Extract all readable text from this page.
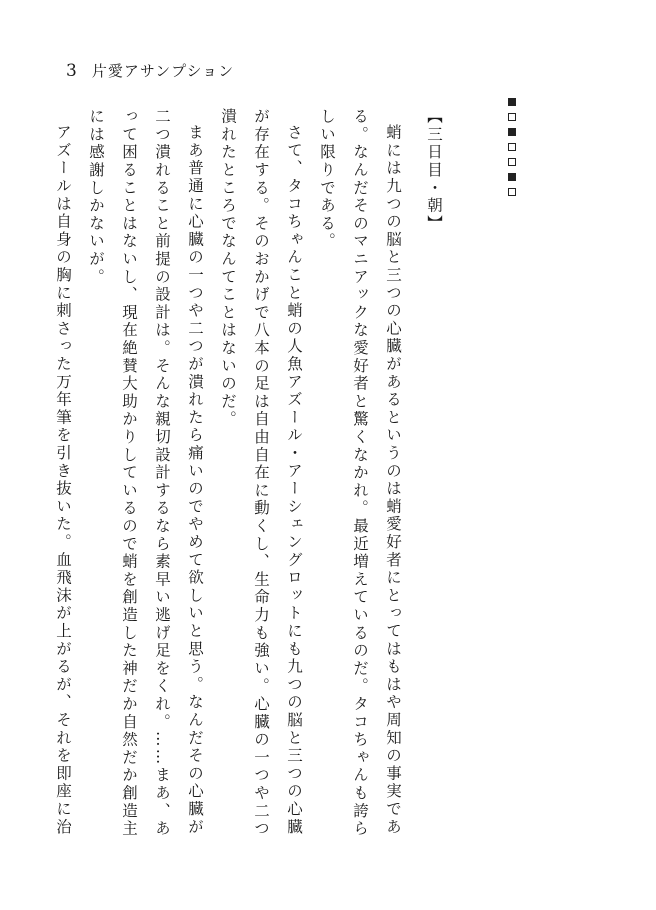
3 片愛アサンプション

【三日目・朝】

蛸には九つの脳と三つの心臓があるというのは蛸愛好者にとってはもはや周知の事実である。なんだそのマニアックな愛好者と驚くなかれ。最近増えているのだ。タコちゃんも誇らしい限りである。

さて、タコちゃんこと蛸の人魚アズール・アーシェングロットにも九つの脳と三つの心臓が存在する。そのおかげで八本の足は自由自在に動くし、生命力も強い。心臓の一つや二つ潰れたところでなんてことはないのだ。

まあ普通に心臓の一つや二つが潰れたら痛いのでやめて欲しいと思う。なんだその心臓が二つ潰れること前提の設計は。そんな親切設計するなら素早い逃げ足をくれ。……まあ、あって困ることはないし、現在絶賛大助かりしているので蛸を創造した神だか自然だか創造主には感謝しかないが。

アズールは自身の胸に刺さった万年筆を引き抜いた。血飛沫が上がるが、それを即座に治
